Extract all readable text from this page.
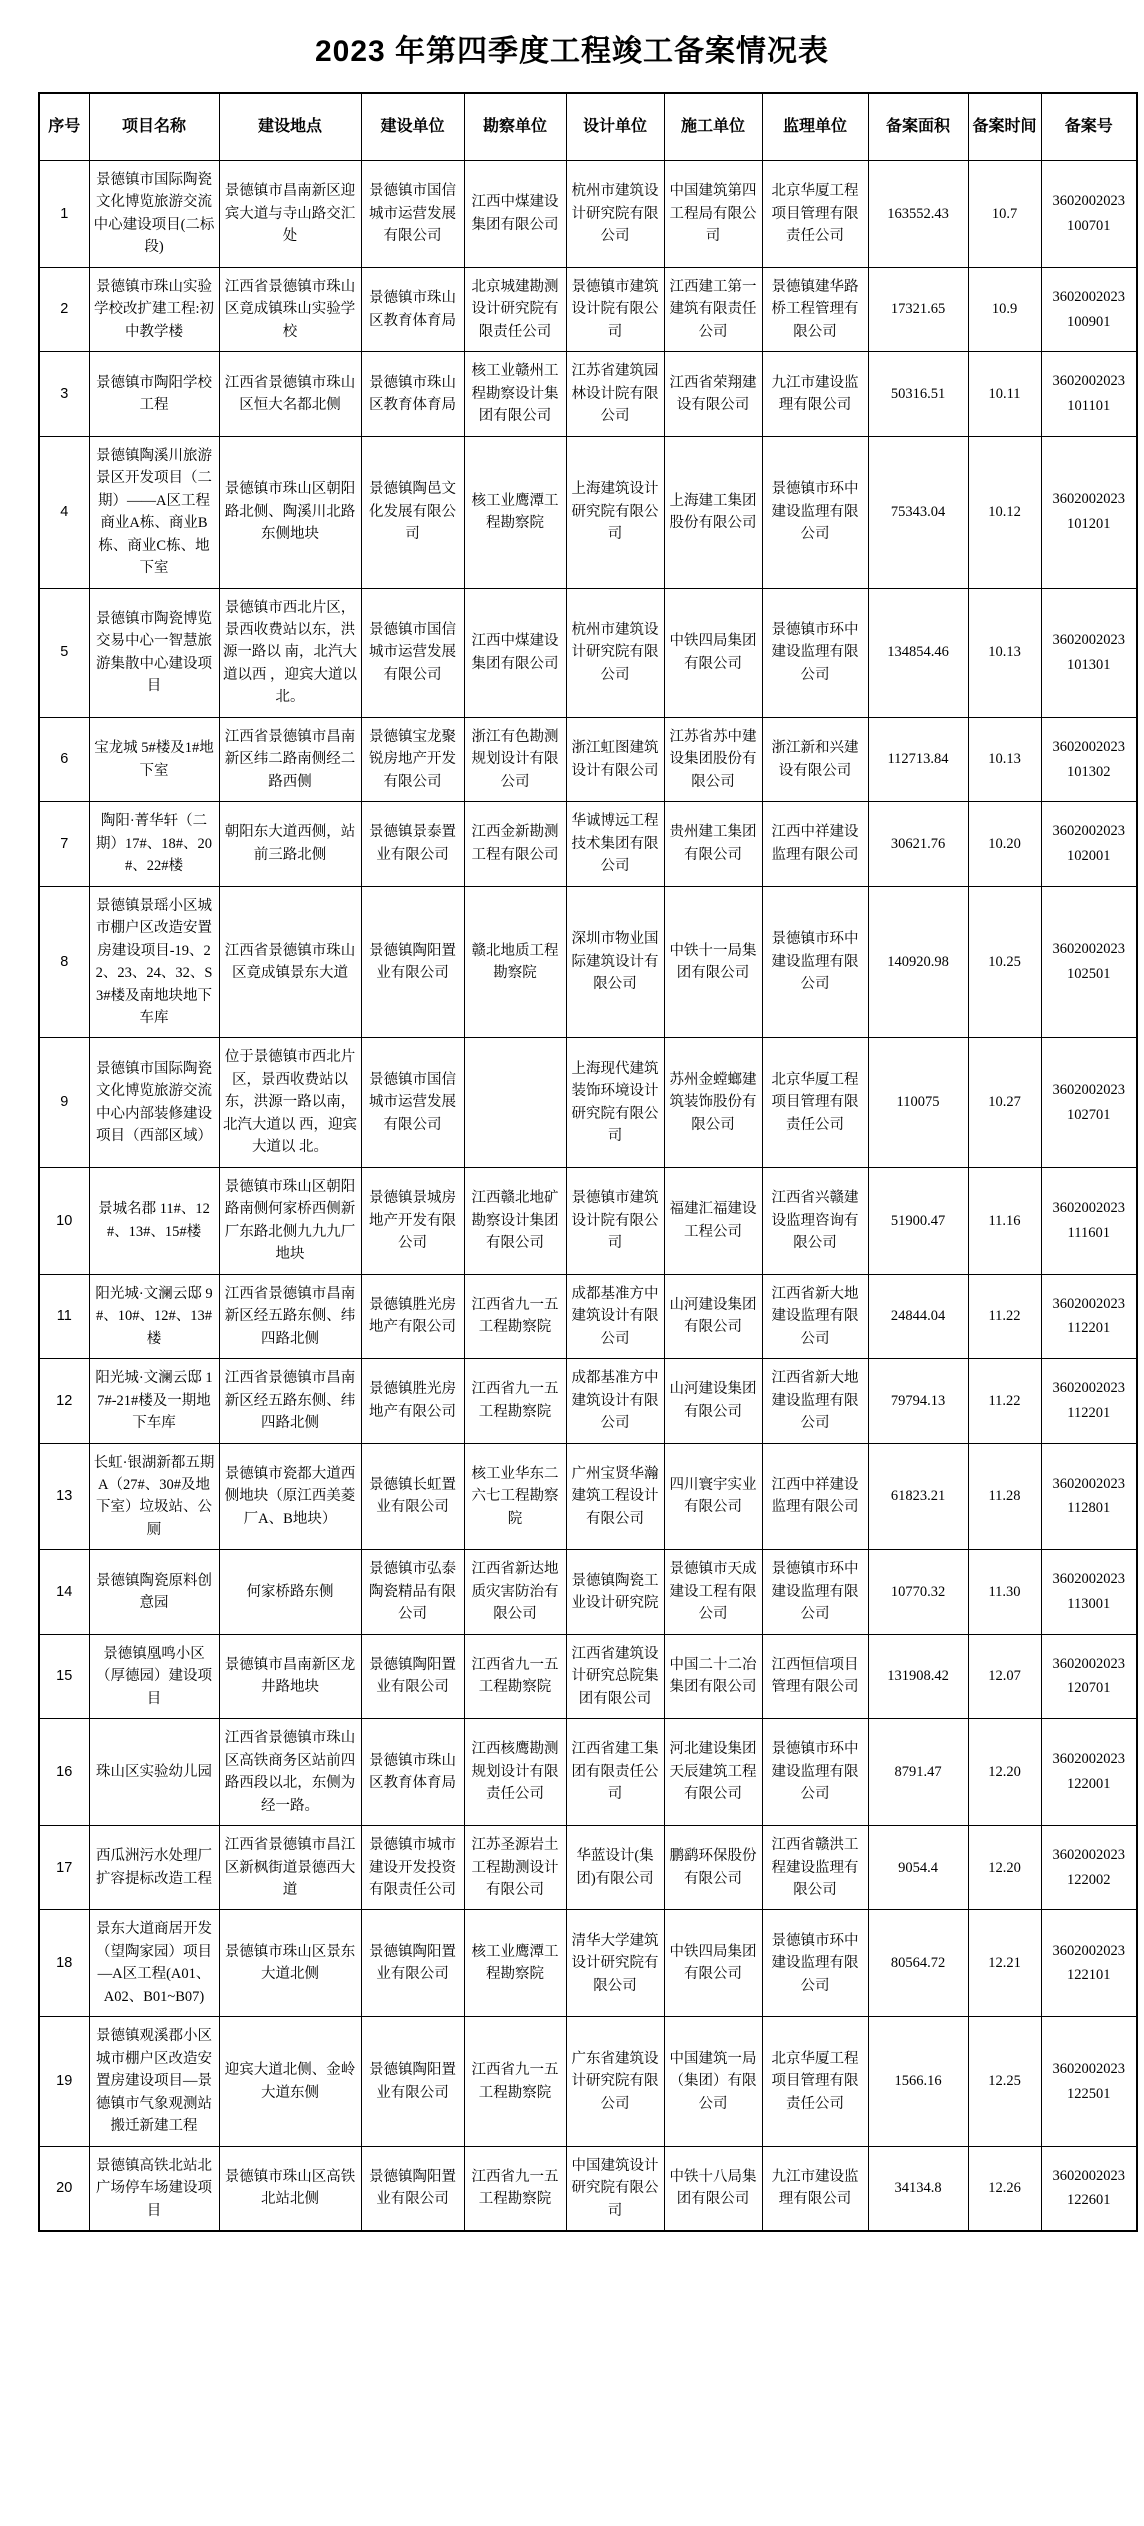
2023 年第四季度工程竣工备案情况表
序号	项目名称	建设地点	建设单位	勘察单位	设计单位	施工单位	监理单位	备案面积	备案时间	备案号
1	景德镇市国际陶瓷文化博览旅游交流中心建设项目(二标段)	景德镇市昌南新区迎宾大道与寺山路交汇处	景德镇市国信城市运营发展有限公司	江西中煤建设集团有限公司	杭州市建筑设计研究院有限公司	中国建筑第四工程局有限公司	北京华厦工程项目管理有限责任公司	163552.43	10.7	3602002023100701
2	景德镇市珠山实验学校改扩建工程:初中教学楼	江西省景德镇市珠山区竟成镇珠山实验学校	景德镇市珠山区教育体育局	北京城建勘测设计研究院有限责任公司	景德镇市建筑设计院有限公司	江西建工第一建筑有限责任公司	景德镇建华路桥工程管理有限公司	17321.65	10.9	3602002023100901
3	景德镇市陶阳学校工程	江西省景德镇市珠山区恒大名都北侧	景德镇市珠山区教育体育局	核工业赣州工程勘察设计集团有限公司	江苏省建筑园林设计院有限公司	江西省荣翔建设有限公司	九江市建设监理有限公司	50316.51	10.11	3602002023101101
4	景德镇陶溪川旅游景区开发项目（二期）——A区工程商业A栋、商业B栋、商业C栋、地下室	景德镇市珠山区朝阳路北侧、陶溪川北路东侧地块	景德镇陶邑文化发展有限公司	核工业鹰潭工程勘察院	上海建筑设计研究院有限公司	上海建工集团股份有限公司	景德镇市环中建设监理有限公司	75343.04	10.12	3602002023101201
5	景德镇市陶瓷博览交易中心一智慧旅游集散中心建设项目	景德镇市西北片区，景西收费站以东，洪源一路以 南，北汽大道以西 ，迎宾大道以北。	景德镇市国信城市运营发展有限公司	江西中煤建设集团有限公司	杭州市建筑设计研究院有限公司	中铁四局集团有限公司	景德镇市环中建设监理有限公司	134854.46	10.13	3602002023101301
6	宝龙城 5#楼及1#地下室	江西省景德镇市昌南新区纬二路南侧经二路西侧	景德镇宝龙聚锐房地产开发有限公司	浙江有色勘测规划设计有限公司	浙江虹图建筑设计有限公司	江苏省苏中建设集团股份有限公司	浙江新和兴建设有限公司	112713.84	10.13	3602002023101302
7	陶阳·菁华轩（二期）17#、18#、20#、22#楼	朝阳东大道西侧，站前三路北侧	景德镇景泰置业有限公司	江西金新勘测工程有限公司	华诚博远工程技术集团有限公司	贵州建工集团有限公司	江西中祥建设监理有限公司	30621.76	10.20	3602002023102001
8	景德镇景瑶小区城市棚户区改造安置房建设项目-19、22、23、24、32、S3#楼及南地块地下车库	江西省景德镇市珠山区竟成镇景东大道	景德镇陶阳置业有限公司	赣北地质工程勘察院	深圳市物业国际建筑设计有限公司	中铁十一局集团有限公司	景德镇市环中建设监理有限公司	140920.98	10.25	3602002023102501
9	景德镇市国际陶瓷文化博览旅游交流中心内部装修建设项目（西部区域）	位于景德镇市西北片区，景西收费站以东，洪源一路以南，北汽大道以 西，迎宾大道以 北。	景德镇市国信城市运营发展有限公司		上海现代建筑装饰环境设计研究院有限公司	苏州金螳螂建筑装饰股份有限公司	北京华厦工程项目管理有限责任公司	110075	10.27	3602002023102701
10	景城名郡 11#、12#、13#、15#楼	景德镇市珠山区朝阳路南侧何家桥西侧新厂东路北侧九九九厂地块	景德镇景城房地产开发有限公司	江西赣北地矿勘察设计集团有限公司	景德镇市建筑设计院有限公司	福建汇福建设工程公司	江西省兴赣建设监理咨询有限公司	51900.47	11.16	3602002023111601
11	阳光城·文澜云邸 9#、10#、12#、13#楼	江西省景德镇市昌南新区经五路东侧、纬四路北侧	景德镇胜光房地产有限公司	江西省九一五工程勘察院	成都基准方中建筑设计有限公司	山河建设集团有限公司	江西省新大地建设监理有限公司	24844.04	11.22	3602002023112201
12	阳光城·文澜云邸 17#-21#楼及一期地下车库	江西省景德镇市昌南新区经五路东侧、纬四路北侧	景德镇胜光房地产有限公司	江西省九一五工程勘察院	成都基准方中建筑设计有限公司	山河建设集团有限公司	江西省新大地建设监理有限公司	79794.13	11.22	3602002023112201
13	长虹·银湖新都五期A（27#、30#及地下室）垃圾站、公厕	景德镇市瓷都大道西侧地块（原江西美菱厂A、B地块）	景德镇长虹置业有限公司	核工业华东二六七工程勘察院	广州宝贤华瀚建筑工程设计有限公司	四川寰宇实业有限公司	江西中祥建设监理有限公司	61823.21	11.28	3602002023112801
14	景德镇陶瓷原料创意园	何家桥路东侧	景德镇市弘泰陶瓷精品有限公司	江西省新达地质灾害防治有限公司	景德镇陶瓷工业设计研究院	景德镇市天成建设工程有限公司	景德镇市环中建设监理有限公司	10770.32	11.30	3602002023113001
15	景德镇凰鸣小区（厚德园）建设项目	景德镇市昌南新区龙井路地块	景德镇陶阳置业有限公司	江西省九一五工程勘察院	江西省建筑设计研究总院集团有限公司	中国二十二冶集团有限公司	江西恒信项目管理有限公司	131908.42	12.07	3602002023120701
16	珠山区实验幼儿园	江西省景德镇市珠山区高铁商务区站前四路西段以北，东侧为经一路。	景德镇市珠山区教育体育局	江西核鹰勘测规划设计有限责任公司	江西省建工集团有限责任公司	河北建设集团天辰建筑工程有限公司	景德镇市环中建设监理有限公司	8791.47	12.20	3602002023122001
17	西瓜洲污水处理厂扩容提标改造工程	江西省景德镇市昌江区新枫街道景德西大道	景德镇市城市建设开发投资有限责任公司	江苏圣源岩土工程勘测设计有限公司	华蓝设计(集团)有限公司	鹏鹞环保股份有限公司	江西省赣洪工程建设监理有限公司	9054.4	12.20	3602002023122002
18	景东大道商居开发（望陶家园）项目—A区工程(A01、A02、B01~B07)	景德镇市珠山区景东大道北侧	景德镇陶阳置业有限公司	核工业鹰潭工程勘察院	清华大学建筑设计研究院有限公司	中铁四局集团有限公司	景德镇市环中建设监理有限公司	80564.72	12.21	3602002023122101
19	景德镇观溪郡小区城市棚户区改造安置房建设项目—景德镇市气象观测站搬迁新建工程	迎宾大道北侧、金岭大道东侧	景德镇陶阳置业有限公司	江西省九一五工程勘察院	广东省建筑设计研究院有限公司	中国建筑一局（集团）有限公司	北京华厦工程项目管理有限责任公司	1566.16	12.25	3602002023122501
20	景德镇高铁北站北广场停车场建设项目	景德镇市珠山区高铁北站北侧	景德镇陶阳置业有限公司	江西省九一五工程勘察院	中国建筑设计研究院有限公司	中铁十八局集团有限公司	九江市建设监理有限公司	34134.8	12.26	3602002023122601
